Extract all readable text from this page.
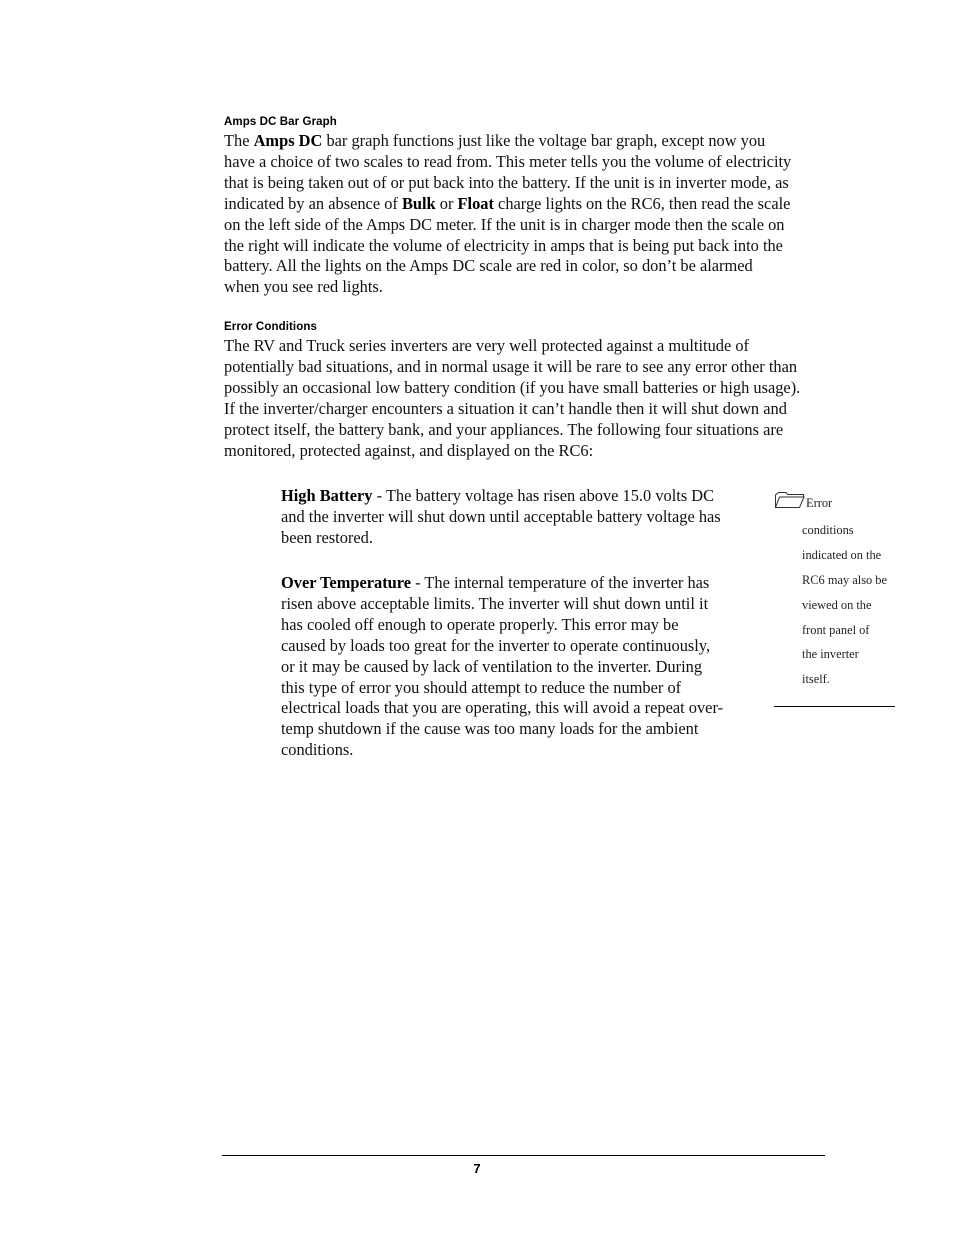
Amps DC Bar Graph
The Amps DC bar graph functions just like the voltage bar graph, except now you
have a choice of two scales to read from. This meter tells you the volume of electricity
that is being taken out of or put back into the battery. If the unit is in inverter mode, as
indicated by an absence of Bulk or Float charge lights on the RC6, then read the scale
on the left side of the Amps DC meter. If the unit is in charger mode then the scale on
the right will indicate the volume of electricity in amps that is being put back into the
battery. All the lights on the Amps DC scale are red in color, so don’t be alarmed
when you see red lights.
Error Conditions
The RV and Truck series inverters are very well protected against a multitude of
potentially bad situations, and in normal usage it will be rare to see any error other than
possibly an occasional low battery condition (if you have small batteries or high usage).
If the inverter/charger encounters a situation it can’t handle then it will shut down and
protect itself, the battery bank, and your appliances. The following four situations are
monitored, protected against, and displayed on the RC6:
High Battery - The battery voltage has risen above 15.0 volts DC
and the inverter will shut down until acceptable battery voltage has
been restored.
Over Temperature - The internal temperature of the inverter has
risen above acceptable limits. The inverter will shut down until it
has cooled off enough to operate properly. This error may be
caused by loads too great for the inverter to operate continuously,
or it may be caused by lack of ventilation to the inverter. During
this type of error you should attempt to reduce the number of
electrical loads that you are operating, this will avoid a repeat over-
temp shutdown if the cause was too many loads for the ambient
conditions.
Error
conditions
indicated on the
RC6 may also be
viewed on the
front panel of
the inverter
itself.
7
